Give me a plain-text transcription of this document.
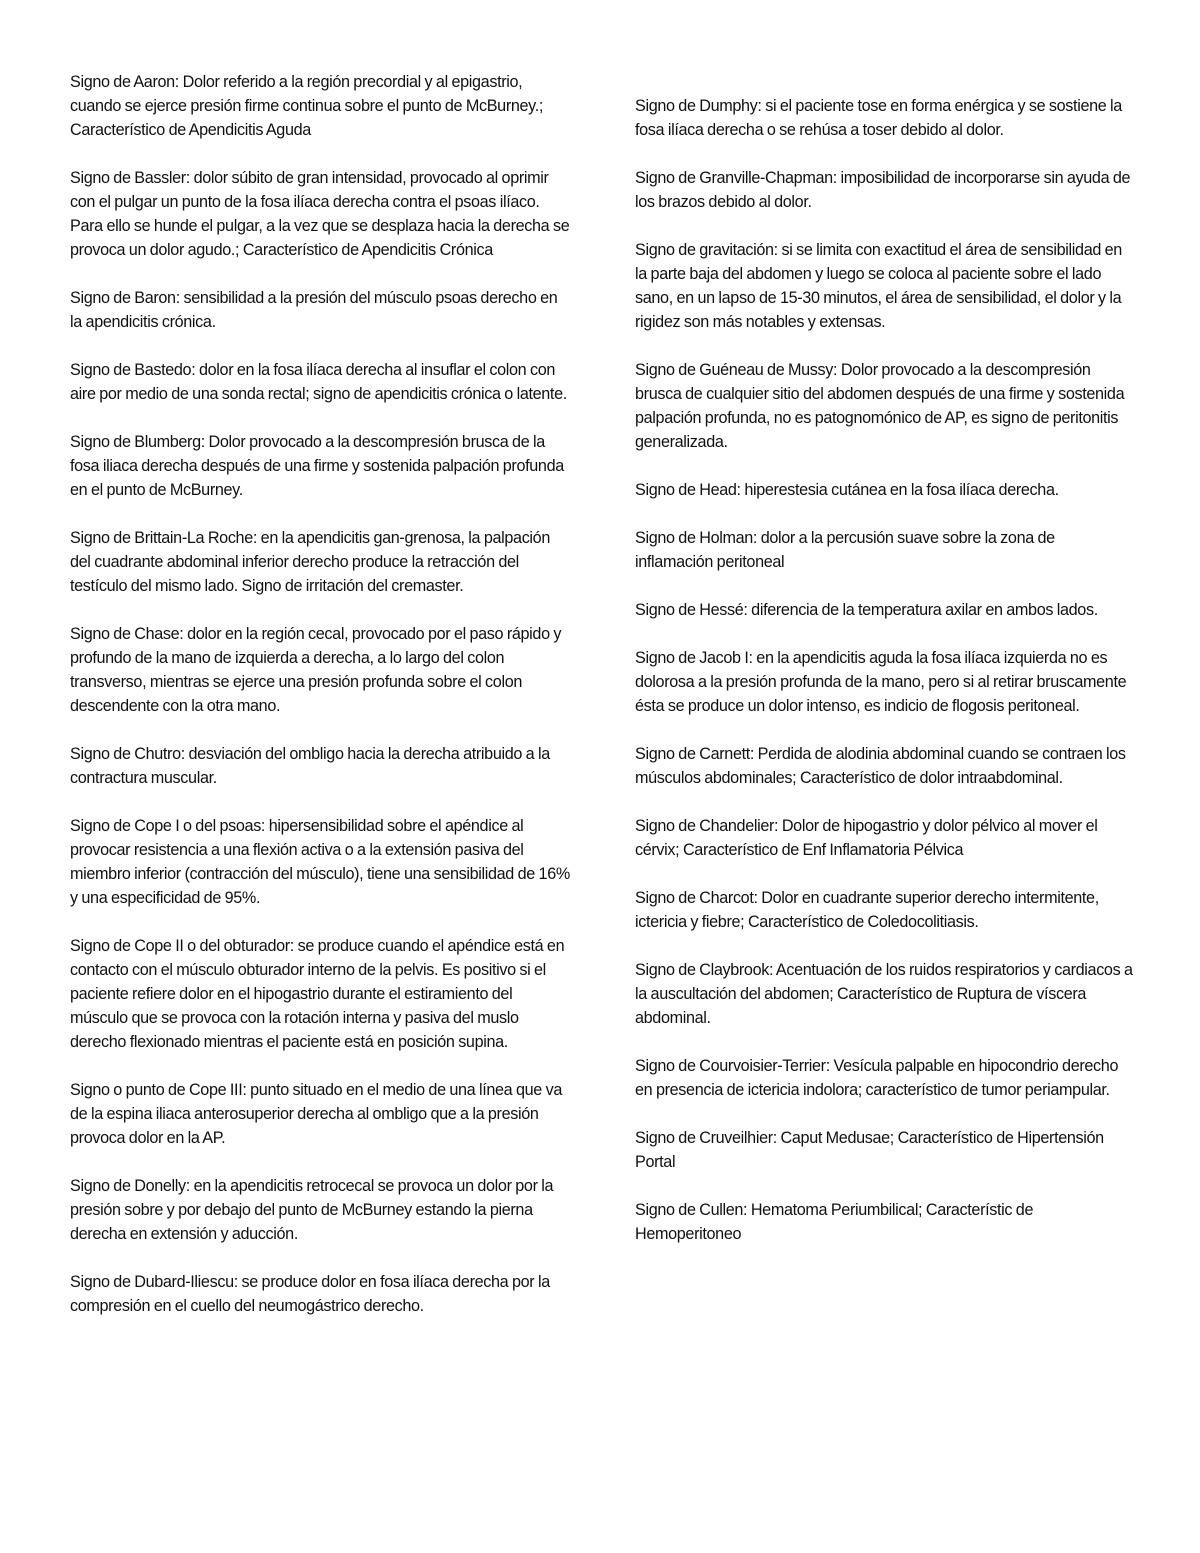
Signo de Aaron: Dolor referido a la región precordial y al epigastrio, cuando se ejerce presión firme continua sobre el punto de McBurney.; Característico de Apendicitis Aguda

Signo de Bassler: dolor súbito de gran intensidad, provocado al oprimir con el pulgar un punto de la fosa ilíaca derecha contra el psoas ilíaco. Para ello se hunde el pulgar, a la vez que se desplaza hacia la derecha se provoca un dolor agudo.; Característico de Apendicitis Crónica

Signo de Baron: sensibilidad a la presión del músculo psoas derecho en la apendicitis crónica.

Signo de Bastedo: dolor en la fosa ilíaca derecha al insuflar el colon con aire por medio de una sonda rectal; signo de apendicitis crónica o latente.

Signo de Blumberg: Dolor provocado a la descompresión brusca de la fosa iliaca derecha después de una firme y sostenida palpación profunda en el punto de McBurney.

Signo de Brittain-La Roche: en la apendicitis gan-grenosa, la palpación del cuadrante abdominal inferior derecho produce la retracción del testículo del mismo lado. Signo de irritación del cremaster.

Signo de Chase: dolor en la región cecal, provocado por el paso rápido y profundo de la mano de izquierda a derecha, a lo largo del colon transverso, mientras se ejerce una presión profunda sobre el colon descendente con la otra mano.

Signo de Chutro: desviación del ombligo hacia la derecha atribuido a la contractura muscular.

Signo de Cope I o del psoas: hipersensibilidad sobre el apéndice al provocar resistencia a una flexión activa o a la extensión pasiva del miembro inferior (contracción del músculo), tiene una sensibilidad de 16% y una especificidad de 95%.

Signo de Cope II o del obturador: se produce cuando el apéndice está en contacto con el músculo obturador interno de la pelvis. Es positivo si el paciente refiere dolor en el hipogastrio durante el estiramiento del músculo que se provoca con la rotación interna y pasiva del muslo derecho flexionado mientras el paciente está en posición supina.

Signo o punto de Cope III: punto situado en el medio de una línea que va de la espina iliaca anterosuperior derecha al ombligo que a la presión provoca dolor en la AP.

Signo de Donelly: en la apendicitis retrocecal se provoca un dolor por la presión sobre y por debajo del punto de McBurney estando la pierna derecha en extensión y aducción.

Signo de Dubard-Iliescu: se produce dolor en fosa ilíaca derecha por la compresión en el cuello del neumogástrico derecho.

Signo de Dumphy: si el paciente tose en forma enérgica y se sostiene la fosa ilíaca derecha o se rehúsa a toser debido al dolor.

Signo de Granville-Chapman: imposibilidad de incorporarse sin ayuda de los brazos debido al dolor.

Signo de gravitación: si se limita con exactitud el área de sensibilidad en la parte baja del abdomen y luego se coloca al paciente sobre el lado sano, en un lapso de 15-30 minutos, el área de sensibilidad, el dolor y la rigidez son más notables y extensas.

Signo de Guéneau de Mussy: Dolor provocado a la descompresión brusca de cualquier sitio del abdomen después de una firme y sostenida palpación profunda, no es patognomónico de AP, es signo de peritonitis generalizada.

Signo de Head: hiperestesia cutánea en la fosa ilíaca derecha.

Signo de Holman: dolor a la percusión suave sobre la zona de inflamación peritoneal

Signo de Hessé: diferencia de la temperatura axilar en ambos lados.

Signo de Jacob I: en la apendicitis aguda la fosa ilíaca izquierda no es dolorosa a la presión profunda de la mano, pero si al retirar bruscamente ésta se produce un dolor intenso, es indicio de flogosis peritoneal.

Signo de Carnett: Perdida de alodinia abdominal cuando se contraen los músculos abdominales; Característico de dolor intraabdominal.

Signo de Chandelier: Dolor de hipogastrio y dolor pélvico al mover el cérvix; Característico de Enf Inflamatoria Pélvica

Signo de Charcot: Dolor en cuadrante superior derecho intermitente, ictericia y fiebre; Característico de Coledocolitiasis.

Signo de Claybrook: Acentuación de los ruidos respiratorios y cardiacos a la auscultación del abdomen; Característico de Ruptura de víscera abdominal.

Signo de Courvoisier-Terrier: Vesícula palpable en hipocondrio derecho en presencia de ictericia indolora; característico de tumor periampular.

Signo de Cruveilhier: Caput Medusae; Característico de Hipertensión Portal

Signo de Cullen: Hematoma Periumbilical; Característic de Hemoperitoneo
